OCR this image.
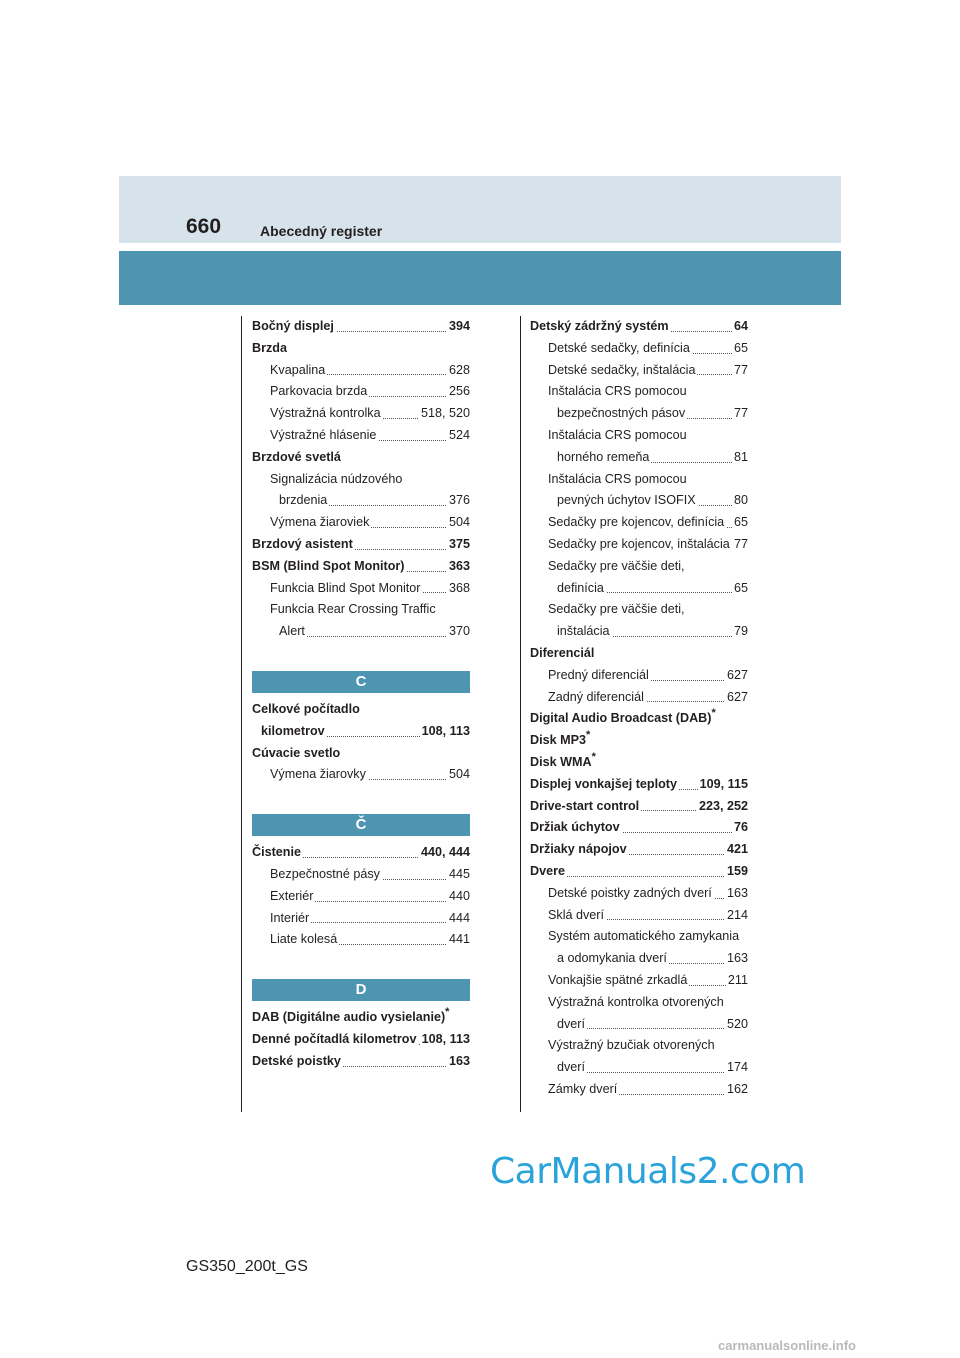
660	Abecedný register
Bočný displej	394
Brzda
Kvapalina	628
Parkovacia brzda	256
Výstražná kontrolka	518, 520
Výstražné hlásenie	524
Brzdové svetlá
Signalizácia núdzového
brzdenia	376
Výmena žiaroviek	504
Brzdový asistent	375
BSM (Blind Spot Monitor)	363
Funkcia Blind Spot Monitor 368
Funkcia Rear Crossing Traffic
Alert	370
C
Celkové počítadlo
kilometrov	108, 113
Cúvacie svetlo
Výmena žiarovky	504
Č
Čistenie	440, 444
Bezpečnostné pásy	445
Exteriér	440
Interiér	444
Liate kolesá	441
D
DAB (Digitálne audio vysielanie)*
Denné počítadlá kilometrov 108, 113
Detské poistky	163
Detský zádržný systém	64
Detské sedačky, definícia	65
Detské sedačky, inštalácia	77
Inštalácia CRS pomocou
bezpečnostných pásov	77
Inštalácia CRS pomocou
horného remeňa	81
Inštalácia CRS pomocou
pevných úchytov ISOFIX	80
Sedačky pre kojencov, definícia 65
Sedačky pre kojencov, inštalácia 77
Sedačky pre väčšie deti,
definícia	65
Sedačky pre väčšie deti,
inštalácia	79
Diferenciál
Predný diferenciál	627
Zadný diferenciál	627
Digital Audio Broadcast (DAB)*
Disk MP3*
Disk WMA*
Displej vonkajšej teploty 109, 115
Drive-start control	223, 252
Držiak úchytov	76
Držiaky nápojov	421
Dvere	159
Detské poistky zadných dverí 163
Sklá dverí	214
Systém automatického zamykania
a odomykania dverí	163
Vonkajšie spätné zrkadlá	211
Výstražná kontrolka otvorených
dverí	520
Výstražný bzučiak otvorených
dverí	174
Zámky dverí	162
GS350_200t_GS
CarManuals2.com
carmanualsonline.info
